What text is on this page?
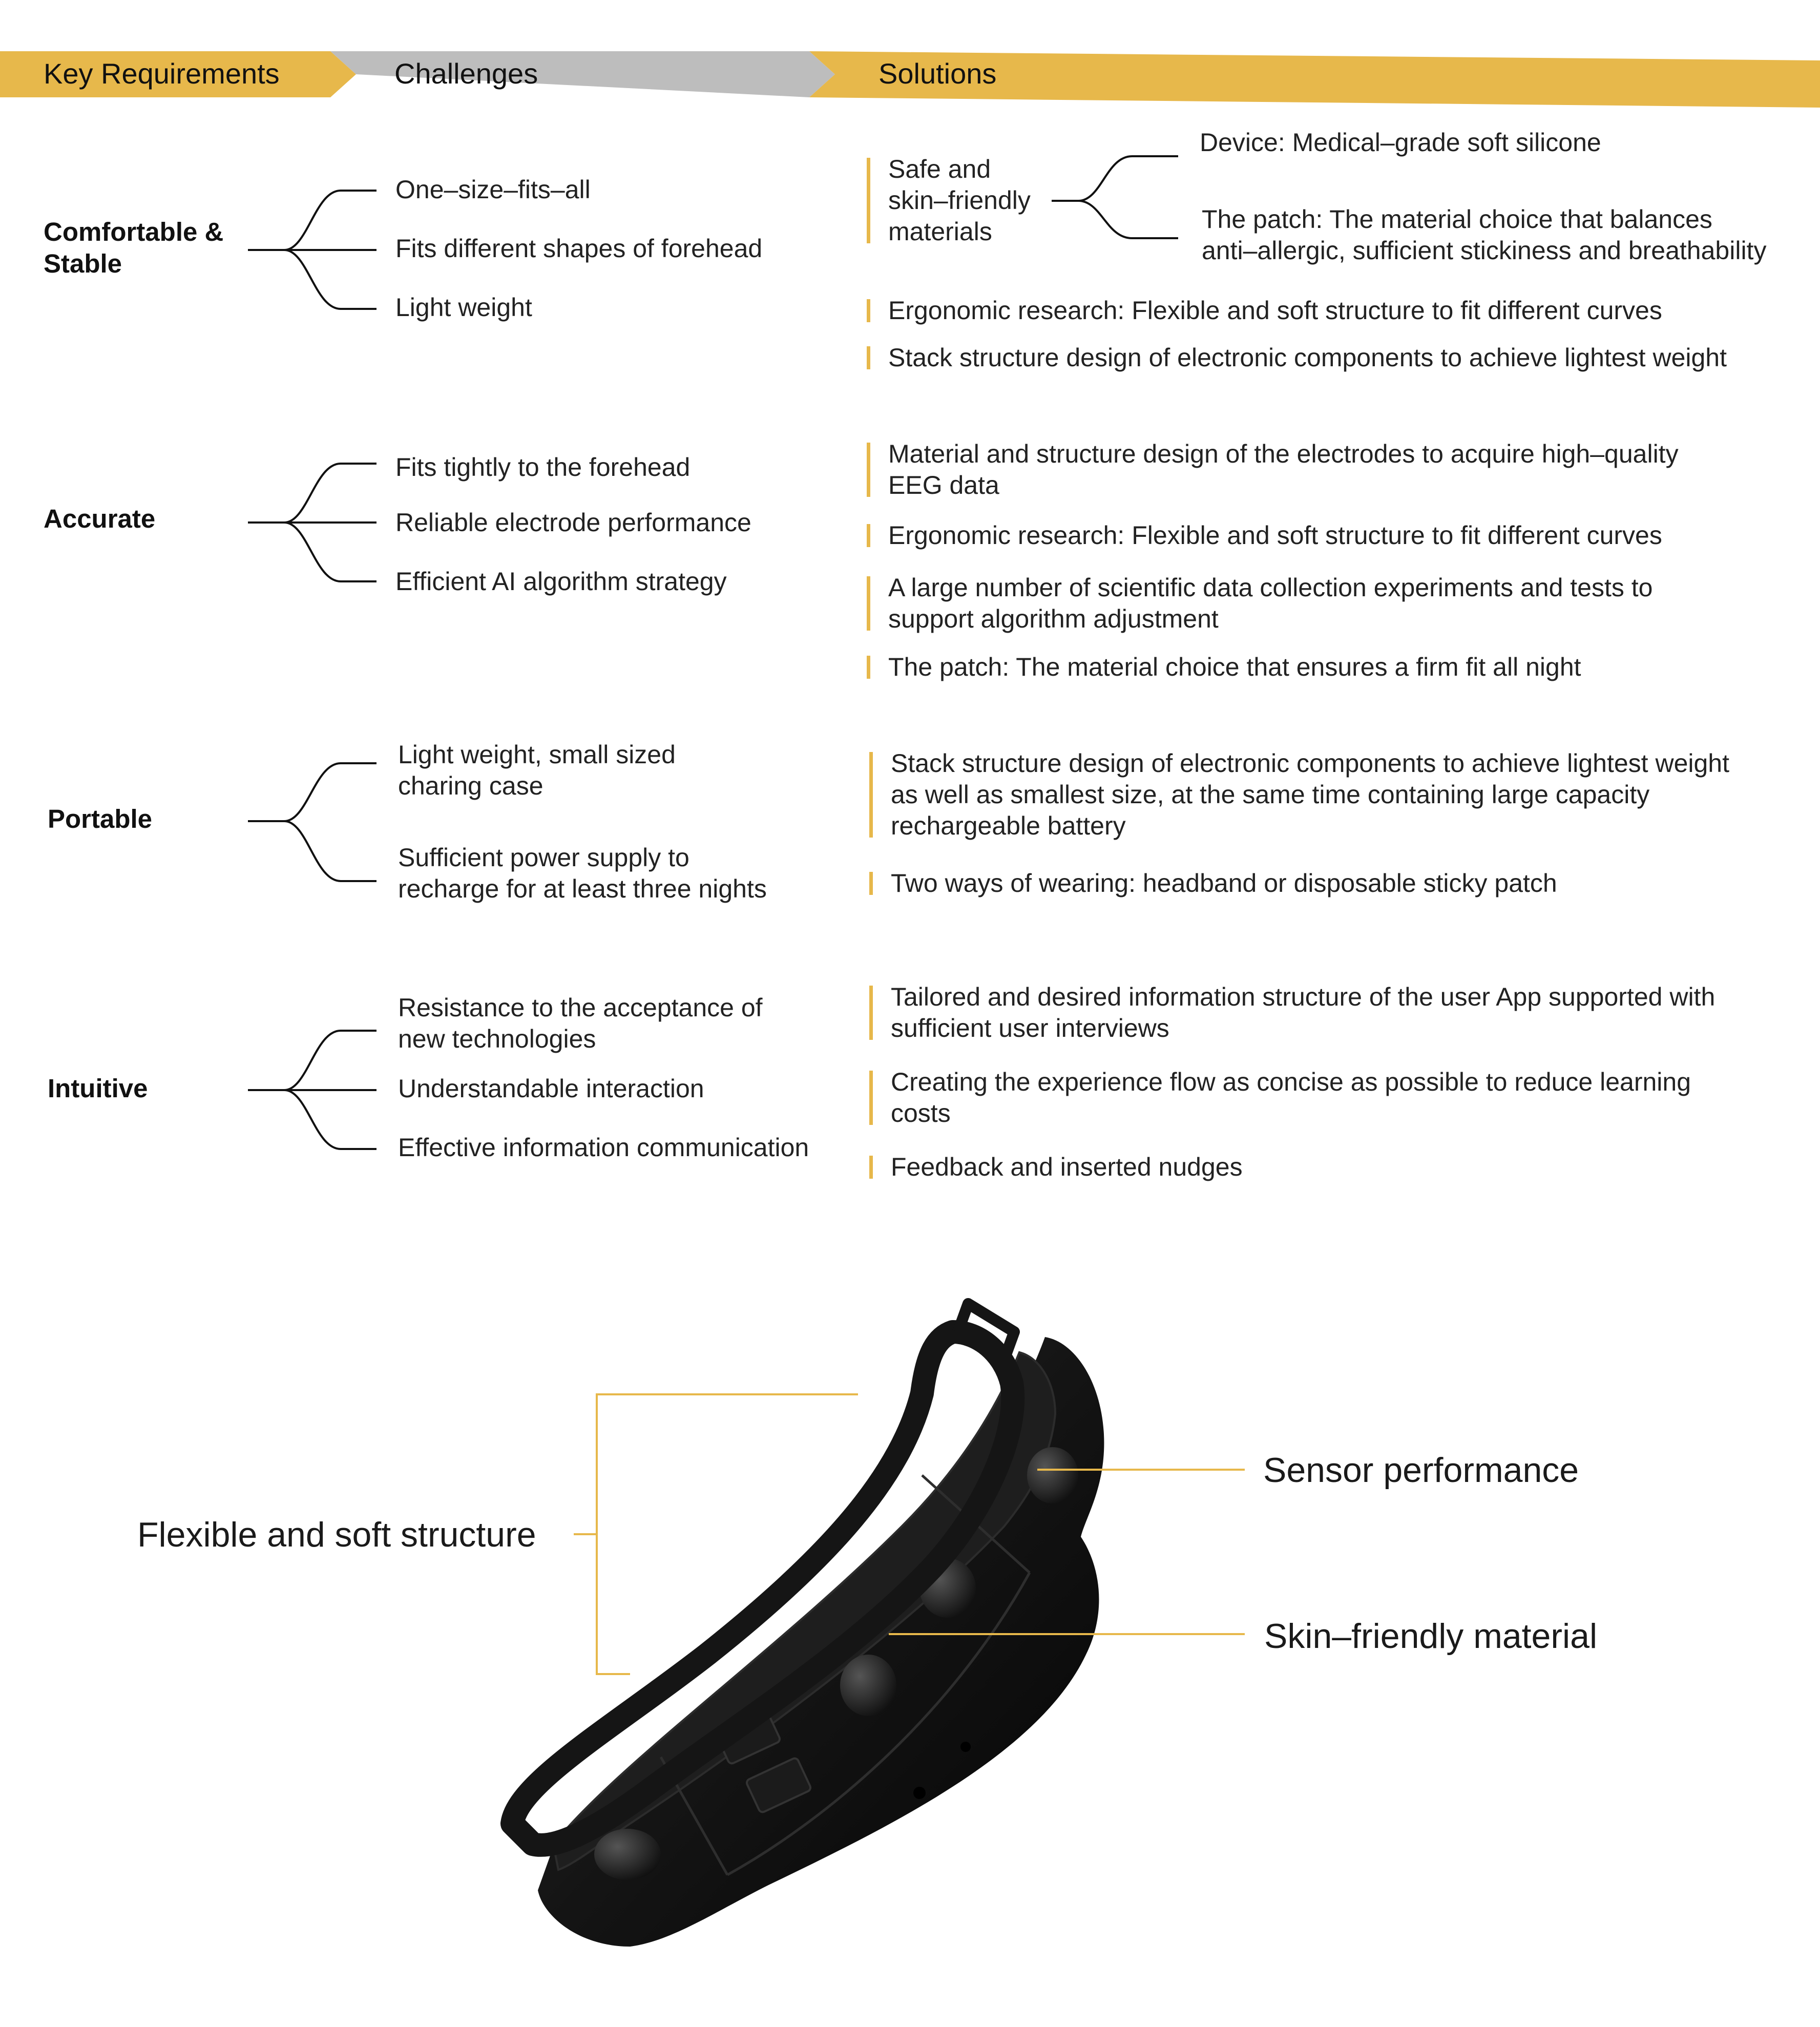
Key Requirements	Challenges	Solutions
Comfortable & Stable
One–size–fits–all
Fits different shapes of forehead
Light weight
Safe and
skin–friendly
materials
Device: Medical–grade soft silicone
The patch: The material choice that balances
anti–allergic, sufficient stickiness and breathability
Ergonomic research: Flexible and soft structure to fit different curves
Stack structure design of electronic components to achieve lightest weight
Accurate
Fits tightly to the forehead
Reliable electrode performance
Efficient AI algorithm strategy
Material and structure design of the electrodes to acquire high–quality
EEG data
Ergonomic research: Flexible and soft structure to fit different curves
A large number of scientific data collection experiments and tests to
support algorithm adjustment
The patch: The material choice that ensures a firm fit all night
Portable
Light weight, small sized
charing case
Sufficient power supply to
recharge for at least three nights
Stack structure design of electronic components to achieve lightest weight
as well as smallest size, at the same time containing large capacity
rechargeable battery
Two ways of wearing: headband or disposable sticky patch
Intuitive
Resistance to the acceptance of
new technologies
Understandable interaction
Effective information communication
Tailored and desired information structure of the user App supported with
sufficient user interviews
Creating the experience flow as concise as possible to reduce learning
costs
Feedback and inserted nudges
Flexible and soft structure
Sensor performance
Skin–friendly material
